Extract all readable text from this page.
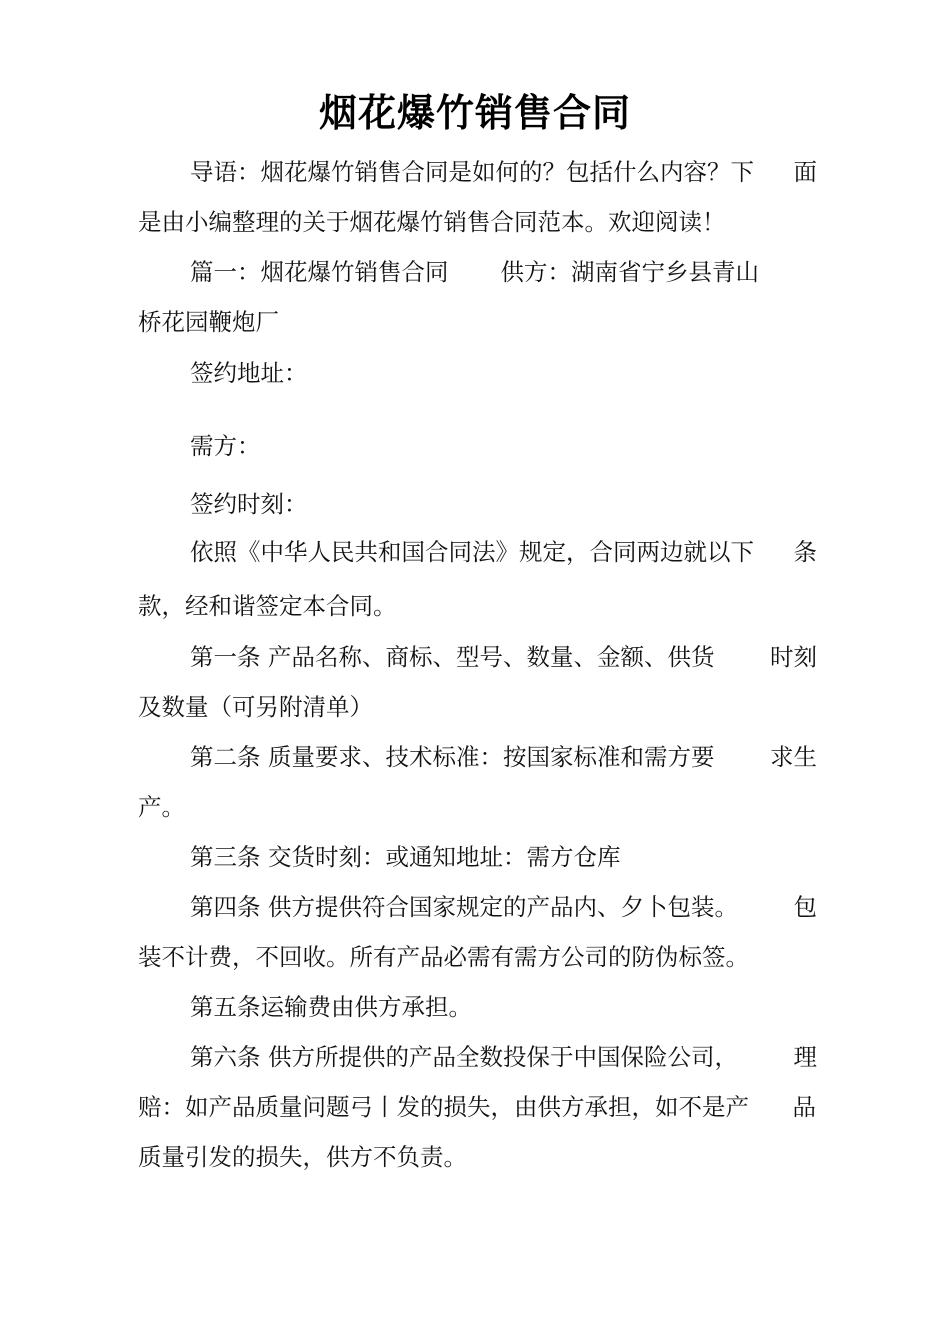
烟花爆竹销售合同
导语：烟花爆竹销售合同是如何的？包括什么内容？下 面
是由小编整理的关于烟花爆竹销售合同范本。欢迎阅读！
篇一：烟花爆竹销售合同 供方：湖南省宁乡县青山
桥花园鞭炮厂
签约地址：
需方：
签约时刻：
依照《中华人民共和国合同法》规定，合同两边就以下 条
款，经和谐签定本合同。
第一条 产品名称、商标、型号、数量、金额、供货 时刻
及数量（可另附清单）
第二条 质量要求、技术标准：按国家标准和需方要 求生
产。
第三条 交货时刻：或通知地址：需方仓库
第四条 供方提供符合国家规定的产品内、夕卜包装。 包
装不计费，不回收。所有产品必需有需方公司的防伪标签。
第五条运输费由供方承担。
第六条 供方所提供的产品全数投保于中国保险公司， 理
赔：如产品质量问题弓丨发的损失，由供方承担，如不是产 品
质量引发的损失，供方不负责。
